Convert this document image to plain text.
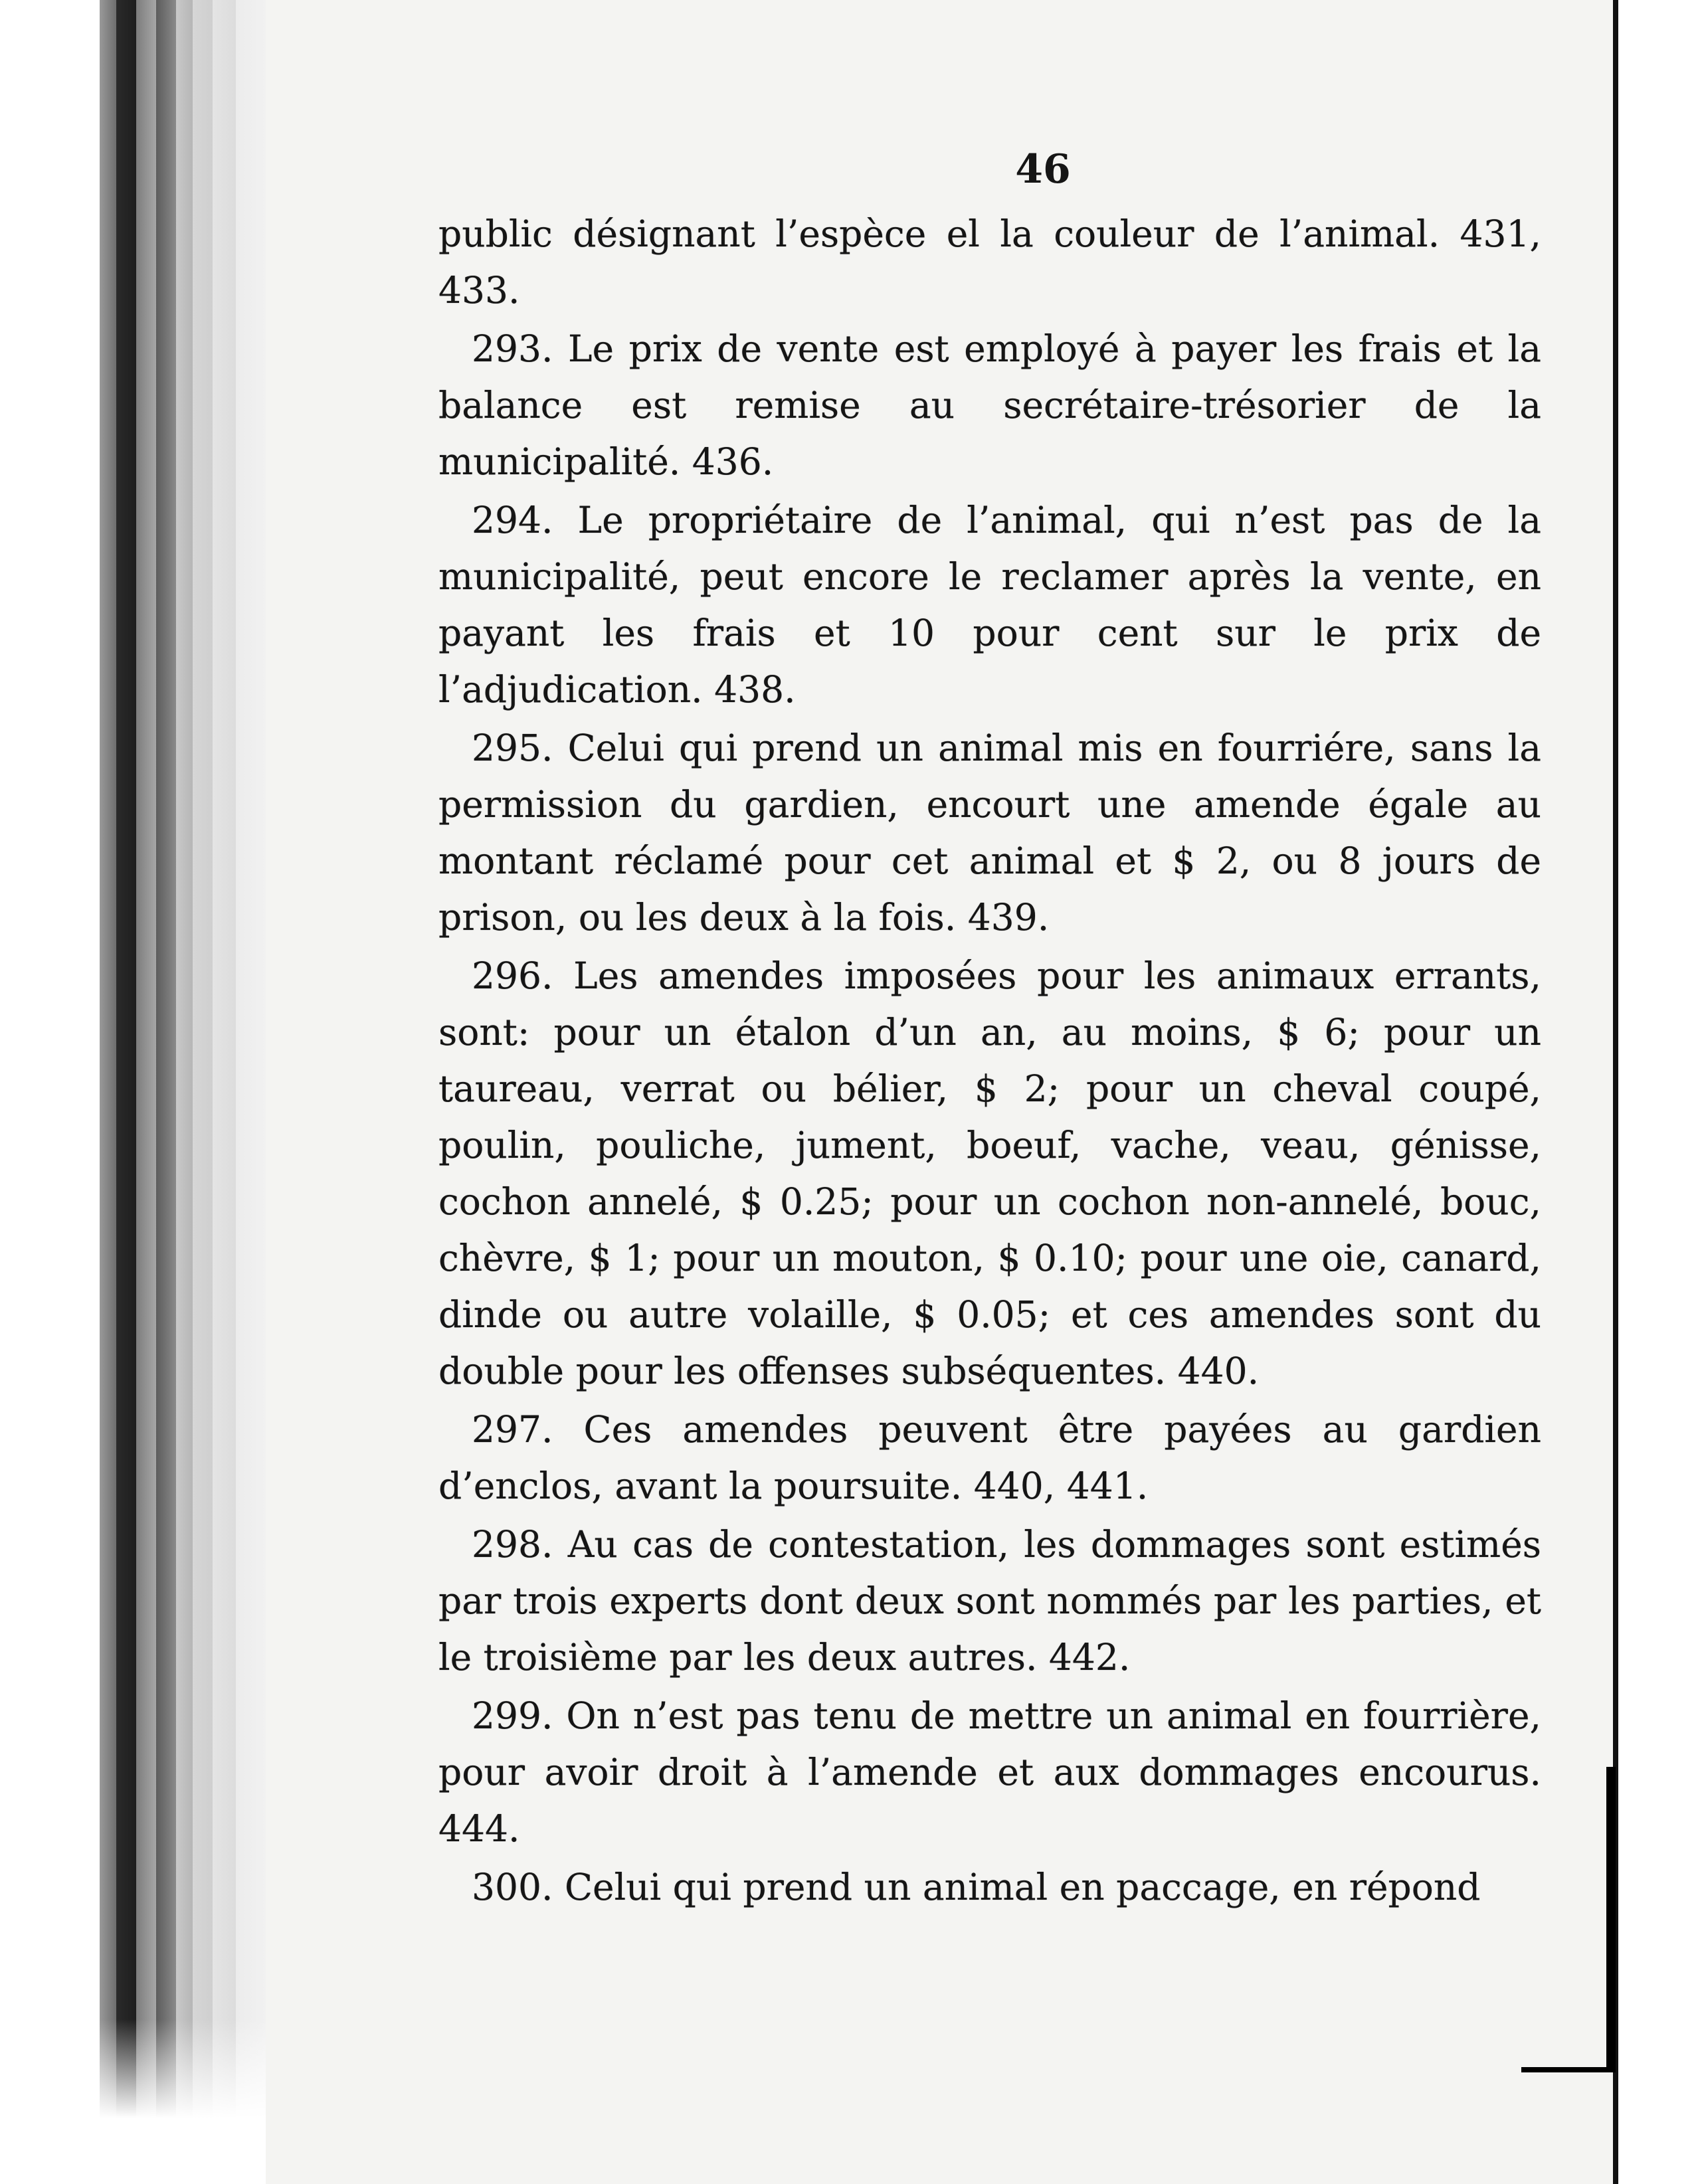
46

public désignant l’espèce el la couleur de l’animal. 431, 433.

293. Le prix de vente est employé à payer les frais et la balance est remise au secrétaire-trésorier de la municipalité. 436.

294. Le propriétaire de l’animal, qui n’est pas de la municipalité, peut encore le reclamer après la vente, en payant les frais et 10 pour cent sur le prix de l’adjudication. 438.

295. Celui qui prend un animal mis en fourriére, sans la permission du gardien, encourt une amende égale au montant réclamé pour cet animal et $ 2, ou 8 jours de prison, ou les deux à la fois. 439.

296. Les amendes imposées pour les animaux errants, sont: pour un étalon d’un an, au moins, $ 6; pour un taureau, verrat ou bélier, $ 2; pour un cheval coupé, poulin, pouliche, jument, boeuf, vache, veau, génisse, cochon annelé, $ 0.25; pour un cochon non-annelé, bouc, chèvre, $ 1; pour un mouton, $ 0.10; pour une oie, canard, dinde ou autre volaille, $ 0.05; et ces amendes sont du double pour les offenses subséquentes. 440.

297. Ces amendes peuvent être payées au gardien d’enclos, avant la poursuite. 440, 441.

298. Au cas de contestation, les dommages sont estimés par trois experts dont deux sont nommés par les parties, et le troisième par les deux autres. 442.

299. On n’est pas tenu de mettre un animal en fourrière, pour avoir droit à l’amende et aux dommages encourus. 444.

300. Celui qui prend un animal en paccage, en répond
